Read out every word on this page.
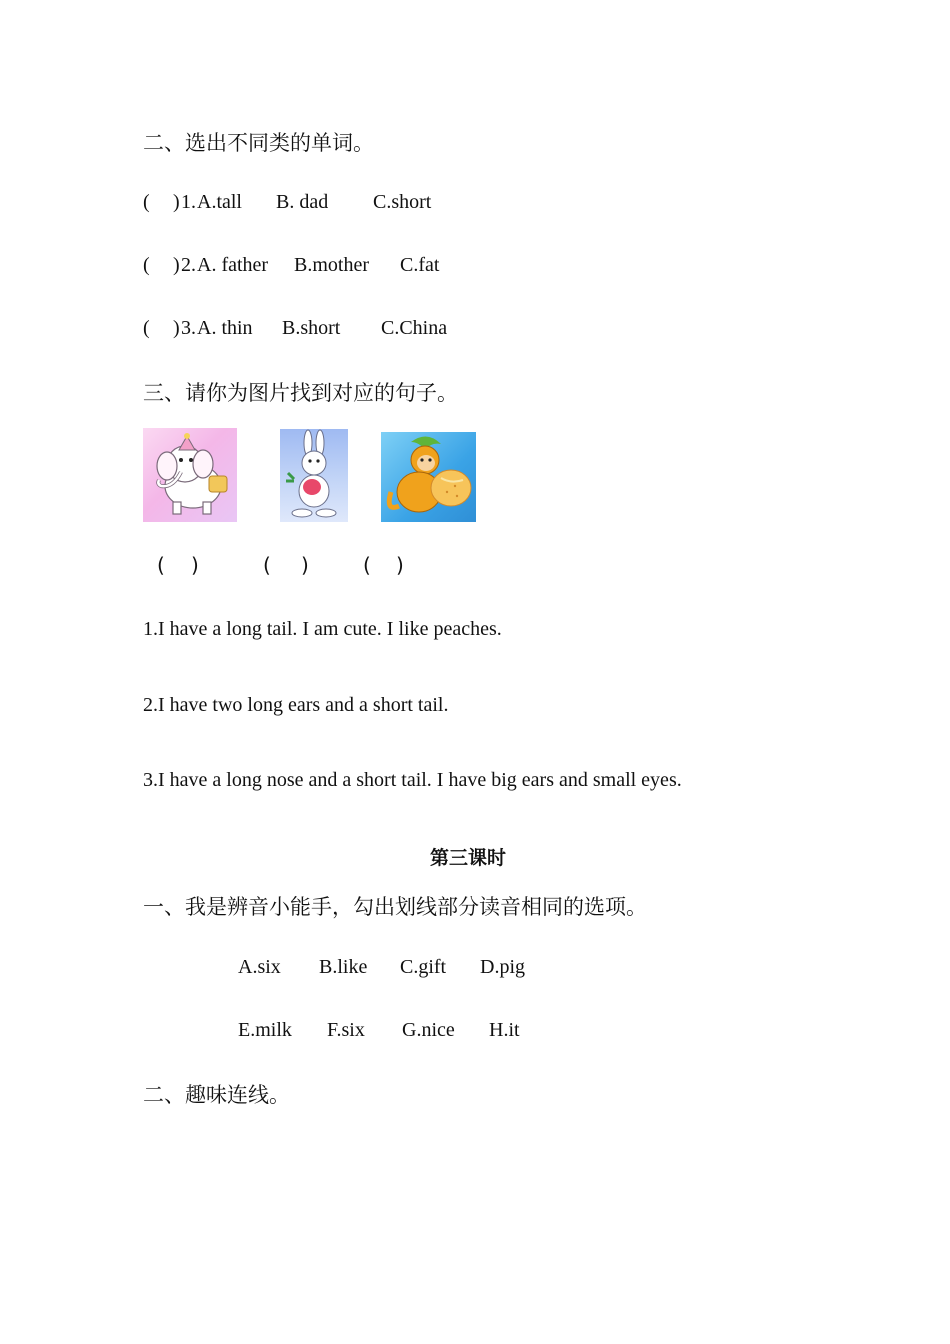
二、选出不同类的单词。
( ) 1. A.tall B. dad C.short
( ) 2. A. father B.mother C.fat
( ) 3. A. thin B.short C.China
三、请你为图片找到对应的句子。
( )	( )	( )
1.I have a long tail. I am cute. I like peaches.
2.I have two long ears and a short tail.
3.I have a long nose and a short tail. I have big ears and small eyes.
第三课时
一、我是辨音小能手，勾出划线部分读音相同的选项。
A.six B.like C.gift D.pig
E.milk F.six G.nice H.it
二、趣味连线。
